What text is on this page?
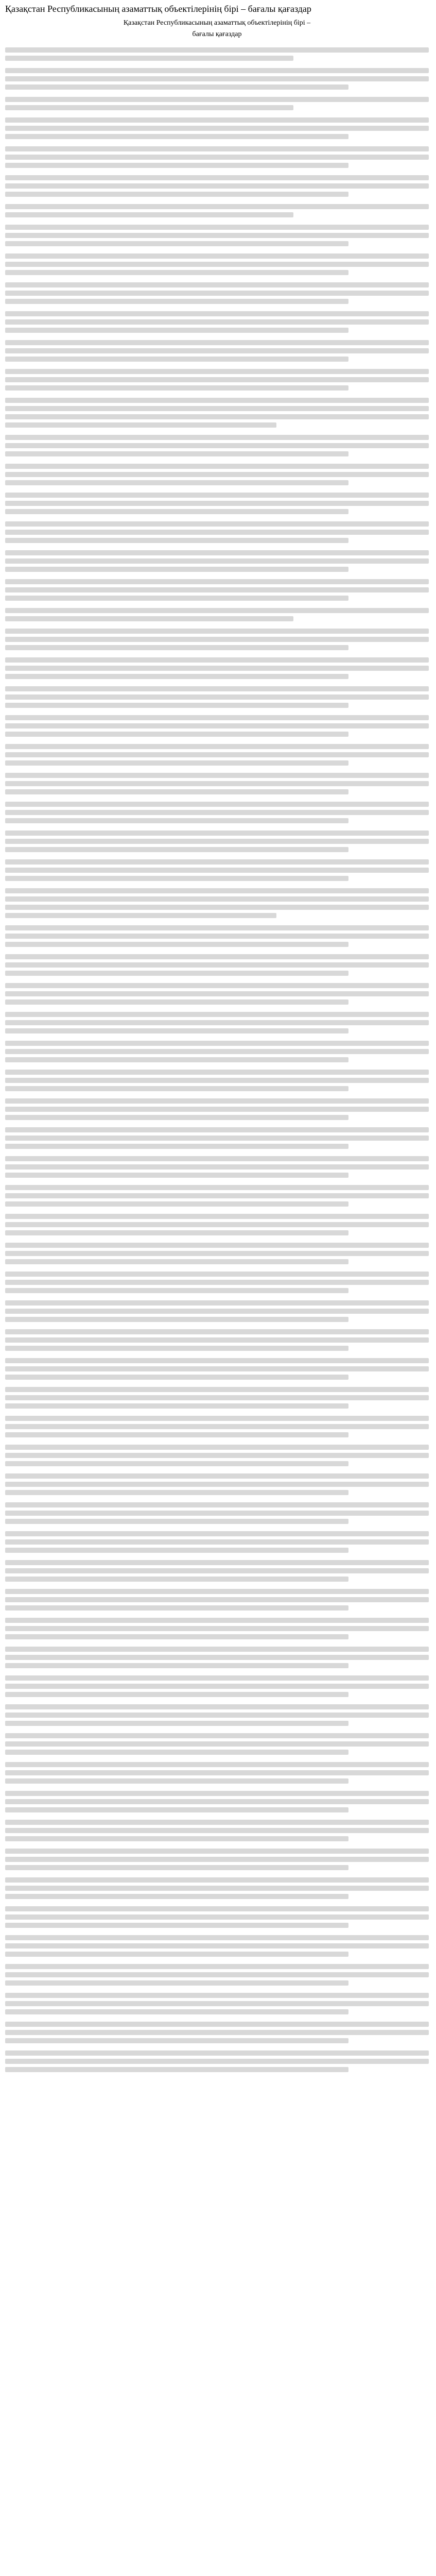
Қазақстан Республикасының азаматтық объектілерінің бірі – бағалы қағаздар
Қазақстан Республикасының азаматтық объектілерінің бірі –
бағалы қағаздар
